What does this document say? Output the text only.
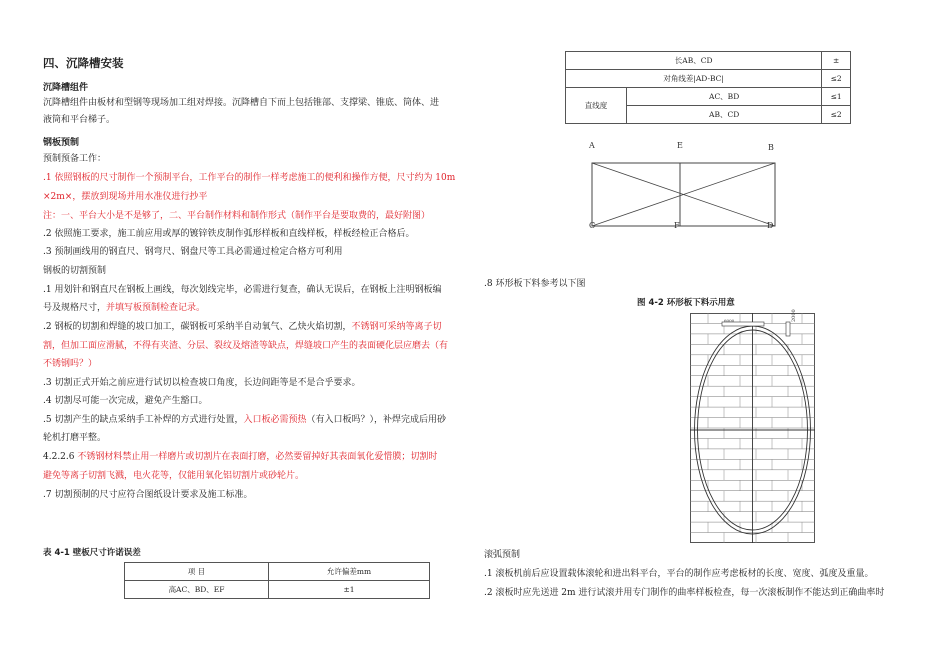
四、沉降槽安装
沉降槽组件
沉降槽组件由板材和型钢等现场加工组对焊接。沉降槽自下而上包括锥部、支撑梁、锥底、筒体、进
液筒和平台梯子。
钢板预制
预制预备工作：
.1 依照钢板的尺寸制作一个预制平台，工作平台的制作一样考虑施工的便利和操作方便，尺寸约为 10m
×2m×，摆放到现场并用水准仪进行抄平
注：一、平台大小是不是够了，二、平台制作材料和制作形式（制作平台是要取费的，最好附图）
.2 依照施工要求，施工前应用或厚的镀锌铁皮制作弧形样板和直线样板，样板经检正合格后。
.3 预制画线用的钢直尺、钢弯尺、钢盘尺等工具必需通过检定合格方可利用
钢板的切割预制
.1 用划针和钢直尺在钢板上画线，每次划线完毕，必需进行复查，确认无误后，在钢板上注明钢板编
号及规格尺寸，并填写板预制检查记录。
.2 钢板的切割和焊缝的坡口加工，碳钢板可采纳半自动氧气、乙炔火焰切割，不锈钢可采纳等离子切
割，但加工面应滑腻，不得有夹渣、分层、裂纹及熔渣等缺点，焊缝坡口产生的表面硬化层应磨去（有
不锈钢吗？）
.3 切割正式开始之前应进行试切以检查坡口角度，长边间距等是不是合乎要求。
.4 切割尽可能一次完成，避免产生豁口。
.5 切割产生的缺点采纳手工补焊的方式进行处置，入口板必需预热（有入口板吗？），补焊完成后用砂
轮机打磨平整。
4.2.2.6 不锈钢材料禁止用一样磨片或切割片在表面打磨，必然要留掉好其表面氧化爱惜膜；切割时
避免等离子切割飞溅，电火花等，仅能用氧化铝切割片或砂轮片。
.7 切割预制的尺寸应符合图纸设计要求及施工标准。
表 4-1 壁板尺寸许诺误差
项 目	允许偏差mm
高AC、BD、EF	±1
长AB、CD		±
对角线差|AD-BC|		≤2
直线度	AC、BD	≤1
	AB、CD	≤2
A	E	B
C	F	D
.8 环形板下料参考以下图
图 4-2 环形板下料示用意
6000	2000
滚弧预制
.1 滚板机前后应设置载体滚轮和进出料平台，平台的制作应考虑板材的长度、宽度、弧度及重量。
.2 滚板时应先送进 2m 进行试滚并用专门制作的曲率样板检查，每一次滚板制作不能达到正确曲率时
